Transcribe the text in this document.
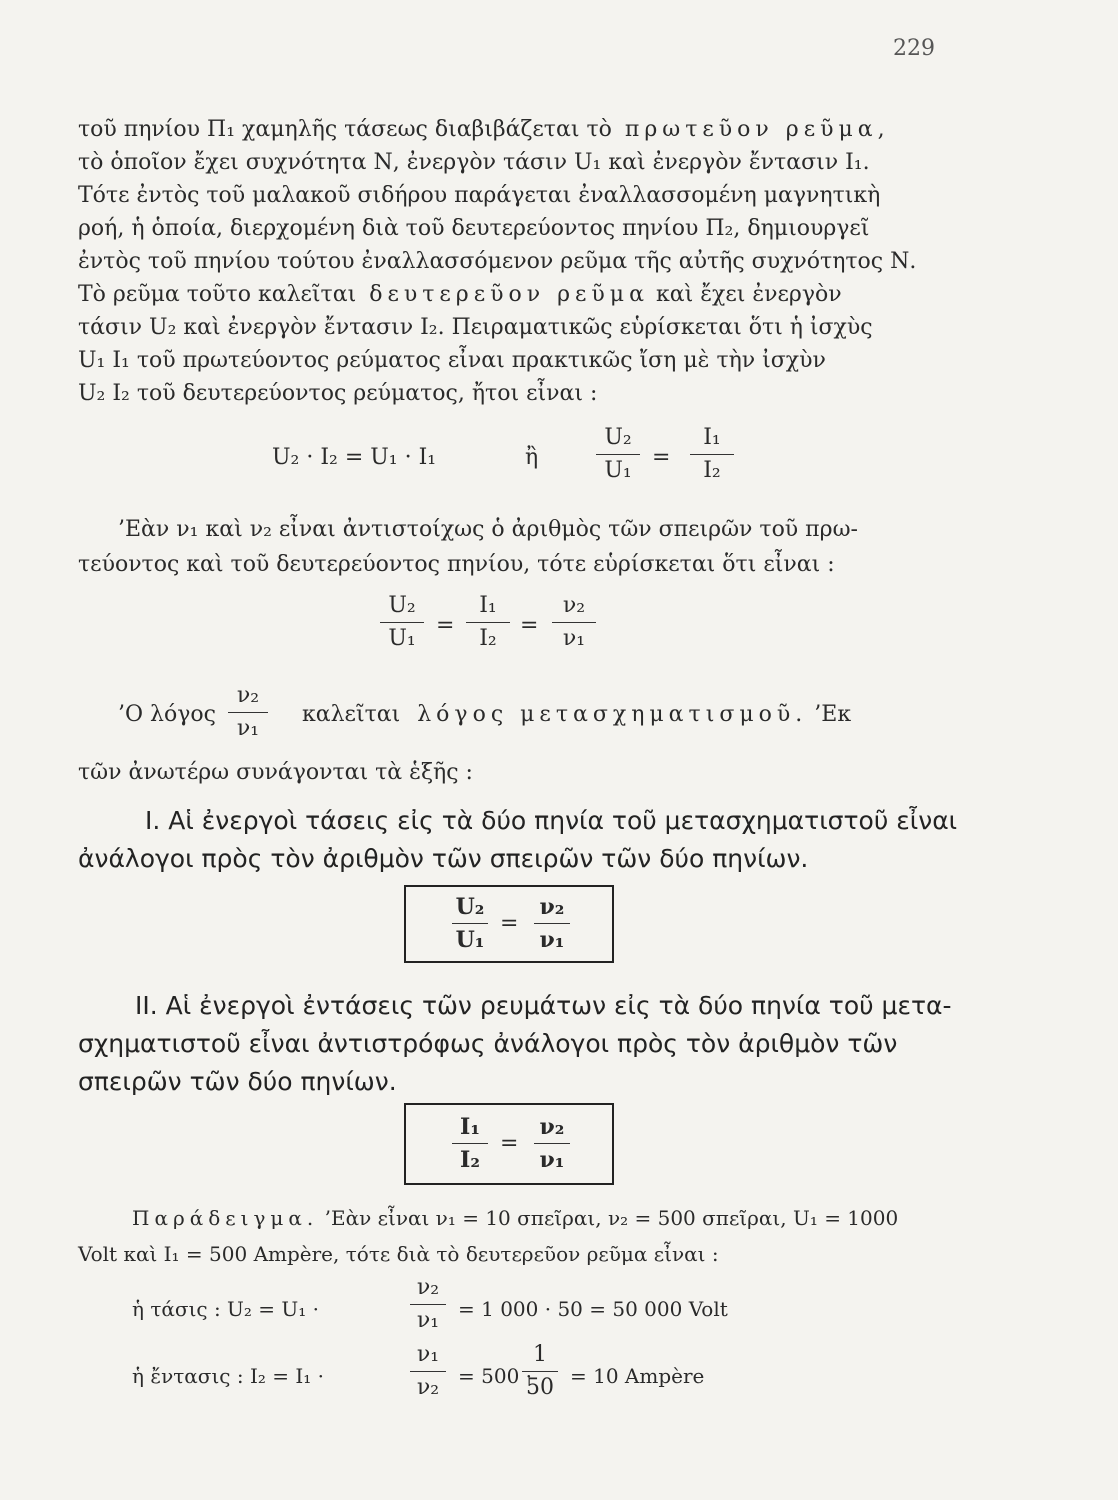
229
τοῦ πηνίου Π₁ χαμηλῆς τάσεως διαβιβάζεται τὸ πρωτεῦον ρεῦμα,
τὸ ὁποῖον ἔχει συχνότητα Ν, ἐνεργὸν τάσιν U₁ καὶ ἐνεργὸν ἔντασιν I₁.
Τότε ἐντὸς τοῦ μαλακοῦ σιδήρου παράγεται ἐναλλασσομένη μαγνητικὴ
ροή, ἡ ὁποία, διερχομένη διὰ τοῦ δευτερεύοντος πηνίου Π₂, δημιουργεῖ
ἐντὸς τοῦ πηνίου τούτου ἐναλλασσόμενον ρεῦμα τῆς αὐτῆς συχνότητος Ν.
Τὸ ρεῦμα τοῦτο καλεῖται δευτερεῦον ρεῦμα καὶ ἔχει ἐνεργὸν
τάσιν U₂ καὶ ἐνεργὸν ἔντασιν I₂. Πειραματικῶς εὑρίσκεται ὅτι ἡ ἰσχὺς
U₁ I₁ τοῦ πρωτεύοντος ρεύματος εἶναι πρακτικῶς ἴση μὲ τὴν ἰσχὺν
U₂ I₂ τοῦ δευτερεύοντος ρεύματος, ἤτοι εἶναι :
U₂ · I₂ = U₁ · I₁	ἢ
U₂
U₁
=
I₁
I₂
’Εὰν ν₁ καὶ ν₂ εἶναι ἀντιστοίχως ὁ ἀριθμὸς τῶν σπειρῶν τοῦ πρω-
τεύοντος καὶ τοῦ δευτερεύοντος πηνίου, τότε εὑρίσκεται ὅτι εἶναι :
U₂
U₁
=
I₁
I₂
=
ν₂
ν₁
’Ο λόγος
ν₂
ν₁
καλεῖται λόγος μετασχηματισμοῦ. ’Εκ
τῶν ἀνωτέρω συνάγονται τὰ ἑξῆς :
I. Αἱ ἐνεργοὶ τάσεις εἰς τὰ δύο πηνία τοῦ μετασχηματιστοῦ εἶναι
ἀνάλογοι πρὸς τὸν ἀριθμὸν τῶν σπειρῶν τῶν δύο πηνίων.
U₂
U₁
=
ν₂
ν₁
II. Αἱ ἐνεργοὶ ἐντάσεις τῶν ρευμάτων εἰς τὰ δύο πηνία τοῦ μετα-
σχηματιστοῦ εἶναι ἀντιστρόφως ἀνάλογοι πρὸς τὸν ἀριθμὸν τῶν
σπειρῶν τῶν δύο πηνίων.
I₁
I₂
=
ν₂
ν₁
Παράδειγμα. ’Εὰν εἶναι ν₁ = 10 σπεῖραι, ν₂ = 500 σπεῖραι, U₁ = 1000
Volt καὶ I₁ = 500 Ampère, τότε διὰ τὸ δευτερεῦον ρεῦμα εἶναι :
ἡ τάσις : U₂ = U₁ ·
ν₂
ν₁ = 1 000 · 50 = 50 000 Volt
ἡ ἔντασις : I₂ = I₁ ·
ν₁
ν₂ = 500 ·
1
50 = 10 Ampère
